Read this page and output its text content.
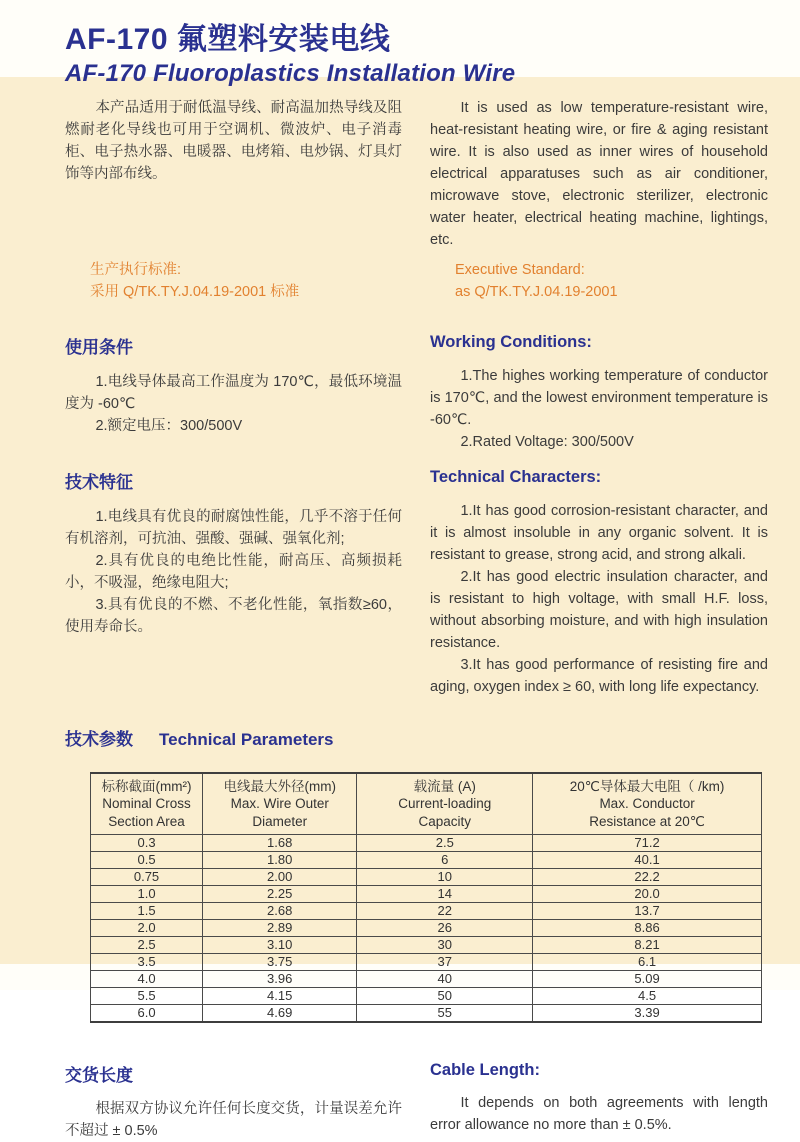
AF-170 氟塑料安装电线
AF-170 Fluoroplastics Installation Wire

本产品适用于耐低温导线、耐高温加热导线及阻燃耐老化导线也可用于空调机、微波炉、电子消毒柜、电子热水器、电暖器、电烤箱、电炒锅、灯具灯饰等内部布线。

It is used as low temperature-resistant wire, heat-resistant heating wire, or fire & aging resistant wire. It is also used as inner wires of household electrical apparatuses such as air conditioner, microwave stove, electronic sterilizer, electronic water heater, electrical heating machine, lightings, etc.

生产执行标准:

采用 Q/TK.TY.J.04.19-2001 标准

Executive Standard:

as Q/TK.TY.J.04.19-2001

使用条件

1.电线导体最高工作温度为 170℃，最低环境温度为 -60℃

2.额定电压：300/500V

Working Conditions:

1.The highes working temperature of conductor is 170℃, and the lowest environment temperature is -60℃.

2.Rated Voltage: 300/500V

技术特征

1.电线具有优良的耐腐蚀性能，几乎不溶于任何有机溶剂，可抗油、强酸、强碱、强氧化剂;

2.具有优良的电绝比性能，耐高压、高频损耗小，不吸湿，绝缘电阻大;

3.具有优良的不燃、不老化性能，氧指数≥60，使用寿命长。

Technical Characters:

1.It has good corrosion-resistant character, and it is almost insoluble in any organic solvent. It is resistant to grease, strong acid, and strong alkali.

2.It has good electric insulation character, and is resistant to high voltage, with small H.F. loss, without absorbing moisture, and with high insulation resistance.

3.It has good performance of resisting fire and aging, oxygen index ≥ 60, with long life expectancy.

技术参数 Technical Parameters
标称截面(mm²)
Nominal Cross
Section Area

电线最大外径(mm)
Max. Wire Outer
Diameter

载流量 (A)
Current-loading
Capacity

20℃导体最大电阻（ /km)
Max. Conductor
Resistance at 20℃

0.3	1.68	2.5	71.2
0.5	1.80	6	40.1
0.75	2.00	10	22.2
1.0	2.25	14	20.0
1.5	2.68	22	13.7
2.0	2.89	26	8.86
2.5	3.10	30	8.21
3.5	3.75	37	6.1
4.0	3.96	40	5.09
5.5	4.15	50	4.5
6.0	4.69	55	3.39
交货长度

根据双方协议允许任何长度交货，计量误差允许不超过 ± 0.5%

Cable Length:

It depends on both agreements with length error allowance no more than ± 0.5%.
